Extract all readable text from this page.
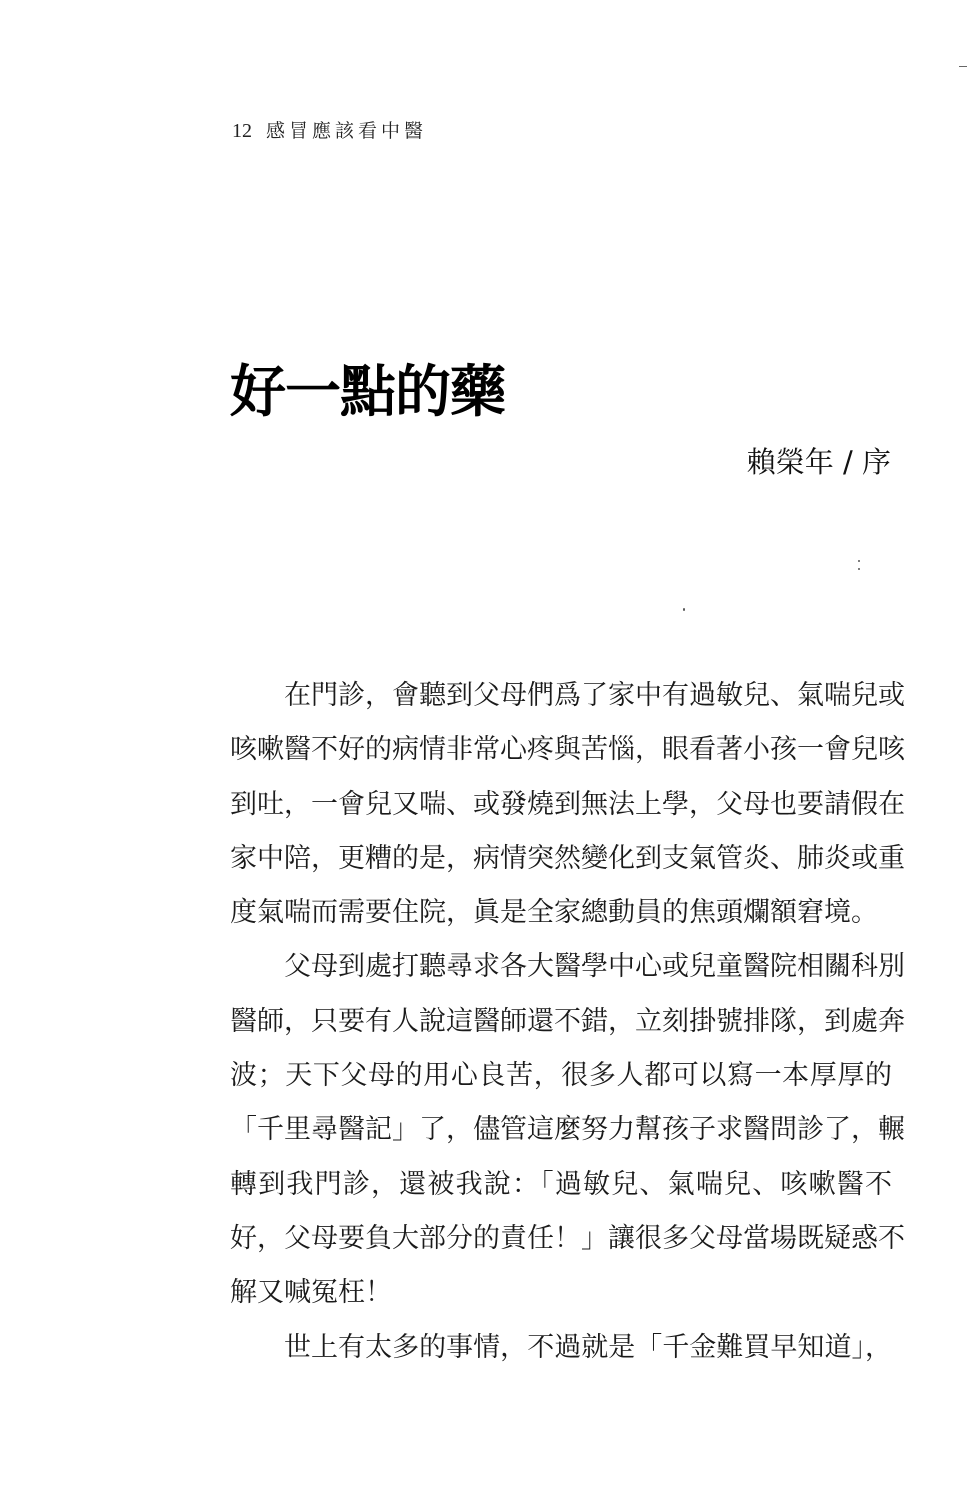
12 感冒應該看中醫
好一點的藥
賴榮年 / 序
在門診，會聽到父母們爲了家中有過敏兒、氣喘兒或
咳嗽醫不好的病情非常心疼與苦惱，眼看著小孩一會兒咳
到吐，一會兒又喘、或發燒到無法上學，父母也要請假在
家中陪，更糟的是，病情突然變化到支氣管炎、肺炎或重
度氣喘而需要住院，眞是全家總動員的焦頭爛額窘境。
父母到處打聽尋求各大醫學中心或兒童醫院相關科別
醫師，只要有人說這醫師還不錯，立刻掛號排隊，到處奔
波；天下父母的用心良苦，很多人都可以寫一本厚厚的
「千里尋醫記」了，儘管這麼努力幫孩子求醫問診了，輾
轉到我門診，還被我說：「過敏兒、氣喘兒、咳嗽醫不
好，父母要負大部分的責任！」讓很多父母當場既疑惑不
解又喊冤枉！
世上有太多的事情，不過就是「千金難買早知道」，
